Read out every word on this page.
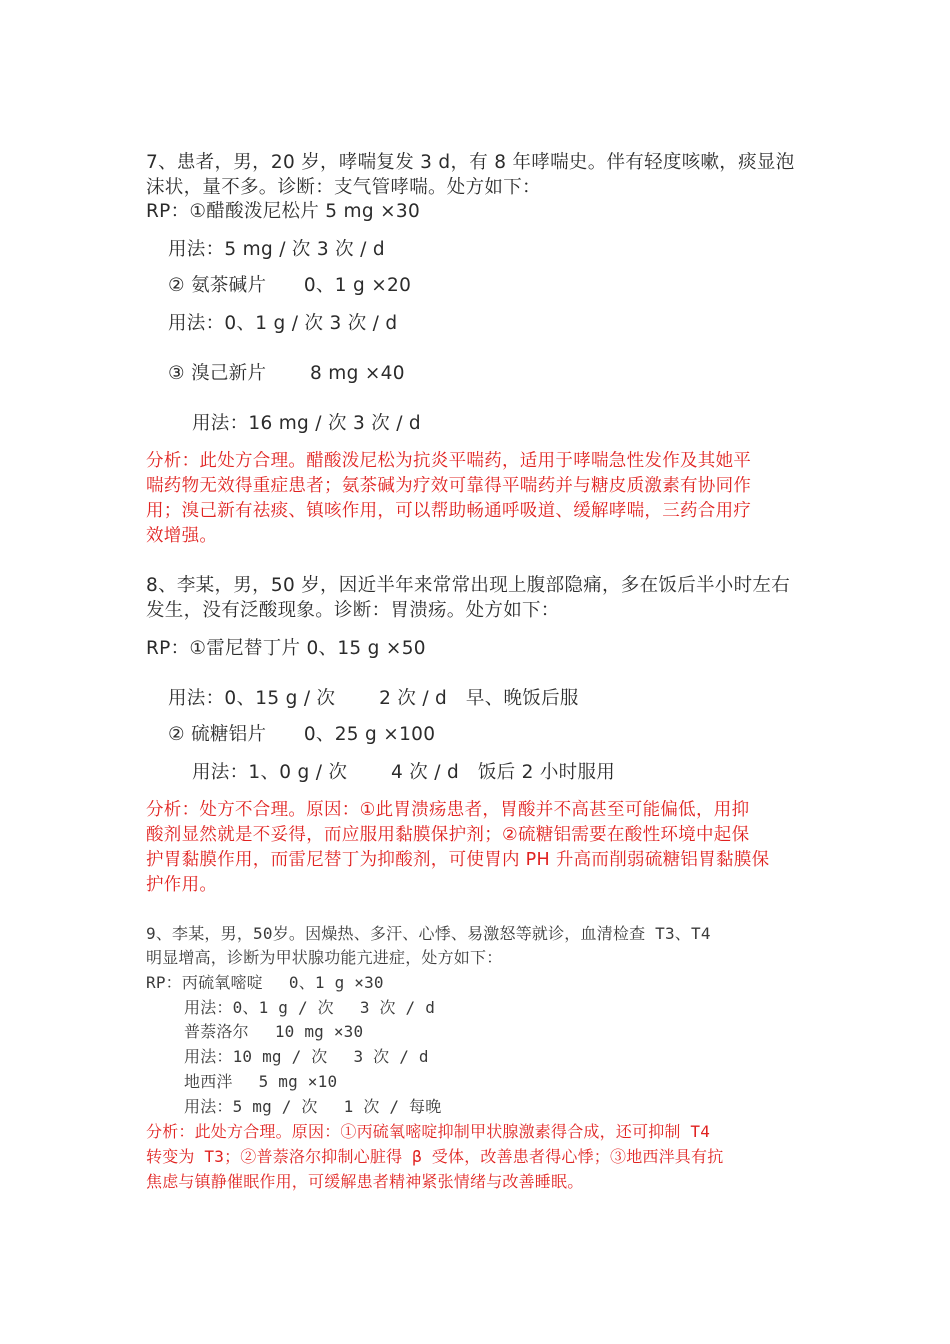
7、患者，男，20 岁，哮喘复发 3 d，有 8 年哮喘史。伴有轻度咳嗽，痰显泡

沫状，量不多。诊断：支气管哮喘。处方如下：

RP：①醋酸泼尼松片 5 mg ×30

用法：5 mg / 次 3 次 / d

② 氨茶碱片　　0、1 g ×20

用法：0、1 g / 次 3 次 / d

③ 溴己新片　　 8 mg ×40

用法：16 mg / 次 3 次 / d

分析：此处方合理。醋酸泼尼松为抗炎平喘药，适用于哮喘急性发作及其她平

喘药物无效得重症患者；氨茶碱为疗效可靠得平喘药并与糖皮质激素有协同作

用；溴己新有祛痰、镇咳作用，可以帮助畅通呼吸道、缓解哮喘，三药合用疗

效增强。

8、李某，男，50 岁，因近半年来常常出现上腹部隐痛，多在饭后半小时左右

发生，没有泛酸现象。诊断：胃溃疡。处方如下：

RP：①雷尼替丁片 0、15 g ×50

用法：0、15 g / 次　　 2 次 / d　早、晚饭后服

② 硫糖铝片　　0、25 g ×100

用法：1、0 g / 次　　 4 次 / d　饭后 2 小时服用

分析：处方不合理。原因：①此胃溃疡患者，胃酸并不高甚至可能偏低，用抑

酸剂显然就是不妥得，而应服用黏膜保护剂；②硫糖铝需要在酸性环境中起保

护胃黏膜作用，而雷尼替丁为抑酸剂，可使胃内 PH 升高而削弱硫糖铝胃黏膜保

护作用。

9、李某，男，50岁。因燥热、多汗、心悸、易激怒等就诊，血清检查 T3、T4

明显增高，诊断为甲状腺功能亢进症，处方如下：

RP：丙硫氧嘧啶　 0、1 g ×30

用法：0、1 g / 次　 3 次 / d

普萘洛尔　 10 mg ×30

用法：10 mg / 次　 3 次 / d

地西泮　 5 mg ×10

用法：5 mg / 次　 1 次 / 每晚

分析：此处方合理。原因：①丙硫氧嘧啶抑制甲状腺激素得合成，还可抑制 T4

转变为 T3；②普萘洛尔抑制心脏得 β 受体，改善患者得心悸；③地西泮具有抗

焦虑与镇静催眠作用，可缓解患者精神紧张情绪与改善睡眠。
